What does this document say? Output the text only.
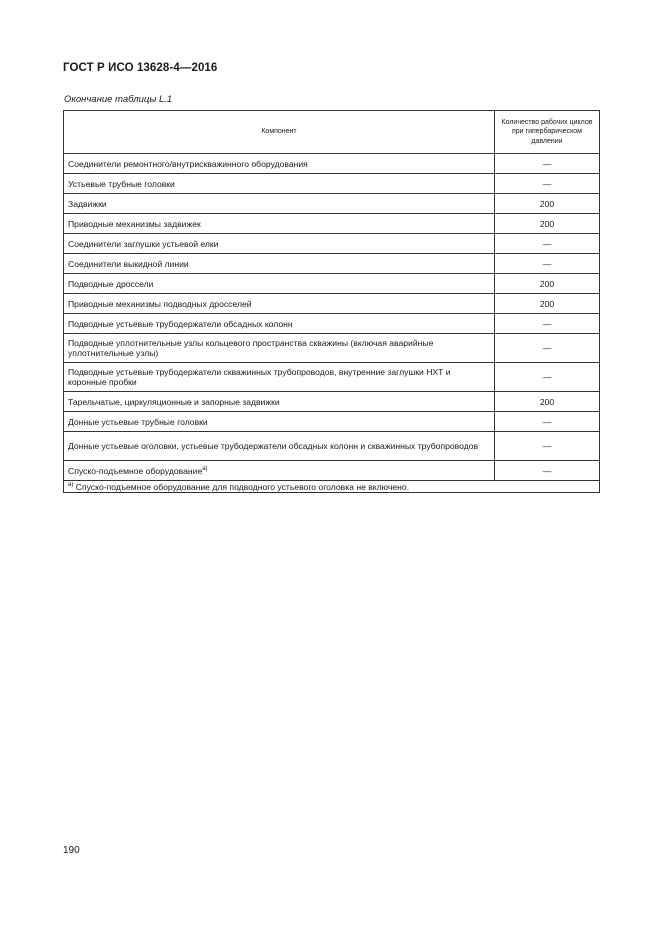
ГОСТ Р ИСО 13628-4—2016
Окончание таблицы L.1
Компонент	Количество рабочих циклов при гипербарическом давлении
Соединители ремонтного/внутрискважинного оборудования	—
Устьевые трубные головки	—
Задвижки	200
Приводные механизмы задвижек	200
Соединители заглушки устьевой елки	—
Соединители выкидной линии	—
Подводные дроссели	200
Приводные механизмы подводных дросселей	200
Подводные устьевые трубодержатели обсадных колонн	—
Подводные уплотнительные узлы кольцевого пространства скважины (включая аварийные уплотнительные узлы)	—
Подводные устьевые трубодержатели скважинных трубопроводов, внутренние заглушки НХТ и коронные пробки	—
Тарельчатые, циркуляционные и запорные задвижки	200
Донные устьевые трубные головки	—
Донные устьевые оголовки, устьевые трубодержатели обсадных колонн и скважинных трубопроводов	—
Спуско-подъемное оборудование$^{a)}$	—
$^{a)}$ Спуско-подъемное оборудование для подводного устьевого оголовка не включено.	
190
